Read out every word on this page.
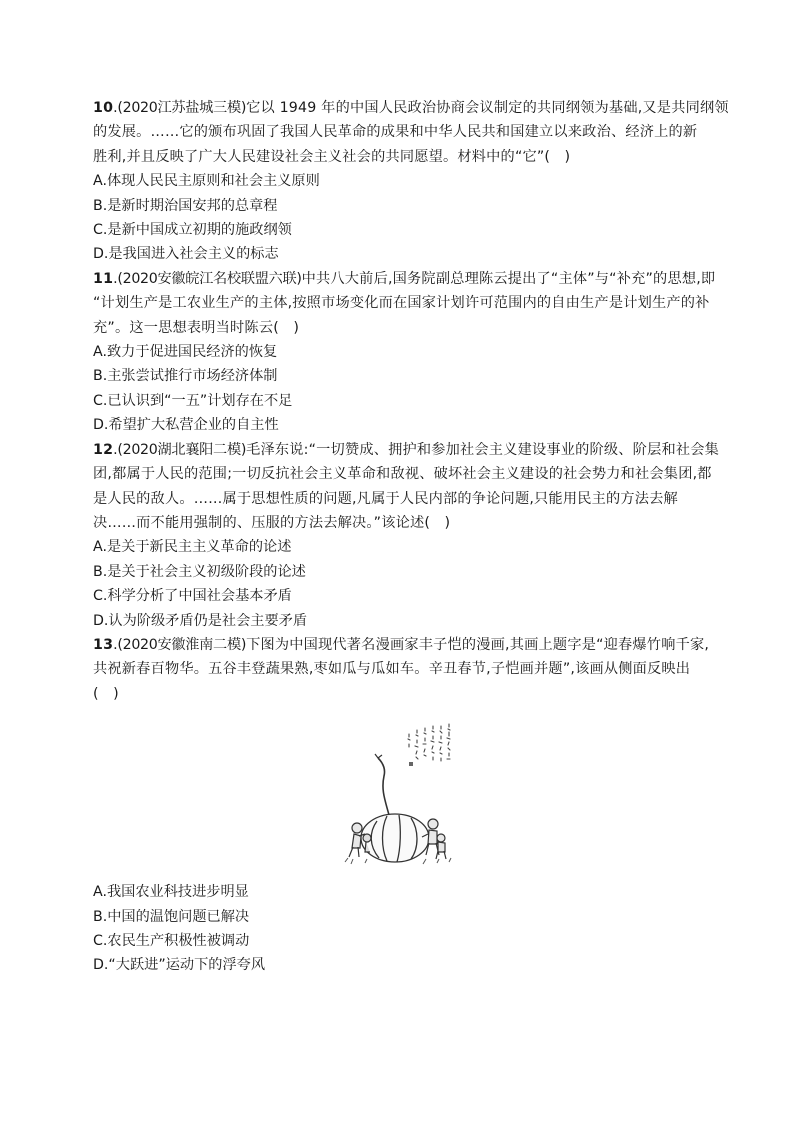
10.(2020江苏盐城三模)它以 1949 年的中国人民政治协商会议制定的共同纲领为基础,又是共同纲领
的发展。……它的颁布巩固了我国人民革命的成果和中华人民共和国建立以来政治、经济上的新
胜利,并且反映了广大人民建设社会主义社会的共同愿望。材料中的“它”(　)
A.体现人民民主原则和社会主义原则
B.是新时期治国安邦的总章程
C.是新中国成立初期的施政纲领
D.是我国进入社会主义的标志
11.(2020安徽皖江名校联盟六联)中共八大前后,国务院副总理陈云提出了“主体”与“补充”的思想,即
“计划生产是工农业生产的主体,按照市场变化而在国家计划许可范围内的自由生产是计划生产的补
充”。这一思想表明当时陈云(　)
A.致力于促进国民经济的恢复
B.主张尝试推行市场经济体制
C.已认识到“一五”计划存在不足
D.希望扩大私营企业的自主性
12.(2020湖北襄阳二模)毛泽东说:“一切赞成、拥护和参加社会主义建设事业的阶级、阶层和社会集
团,都属于人民的范围;一切反抗社会主义革命和敌视、破坏社会主义建设的社会势力和社会集团,都
是人民的敌人。……属于思想性质的问题,凡属于人民内部的争论问题,只能用民主的方法去解
决……而不能用强制的、压服的方法去解决。”该论述(　)
A.是关于新民主主义革命的论述
B.是关于社会主义初级阶段的论述
C.科学分析了中国社会基本矛盾
D.认为阶级矛盾仍是社会主要矛盾
13.(2020安徽淮南二模)下图为中国现代著名漫画家丰子恺的漫画,其画上题字是“迎春爆竹响千家,
共祝新春百物华。五谷丰登蔬果熟,枣如瓜与瓜如车。辛丑春节,子恺画并题”,该画从侧面反映出
(　)
A.我国农业科技进步明显
B.中国的温饱问题已解决
C.农民生产积极性被调动
D.“大跃进”运动下的浮夸风
